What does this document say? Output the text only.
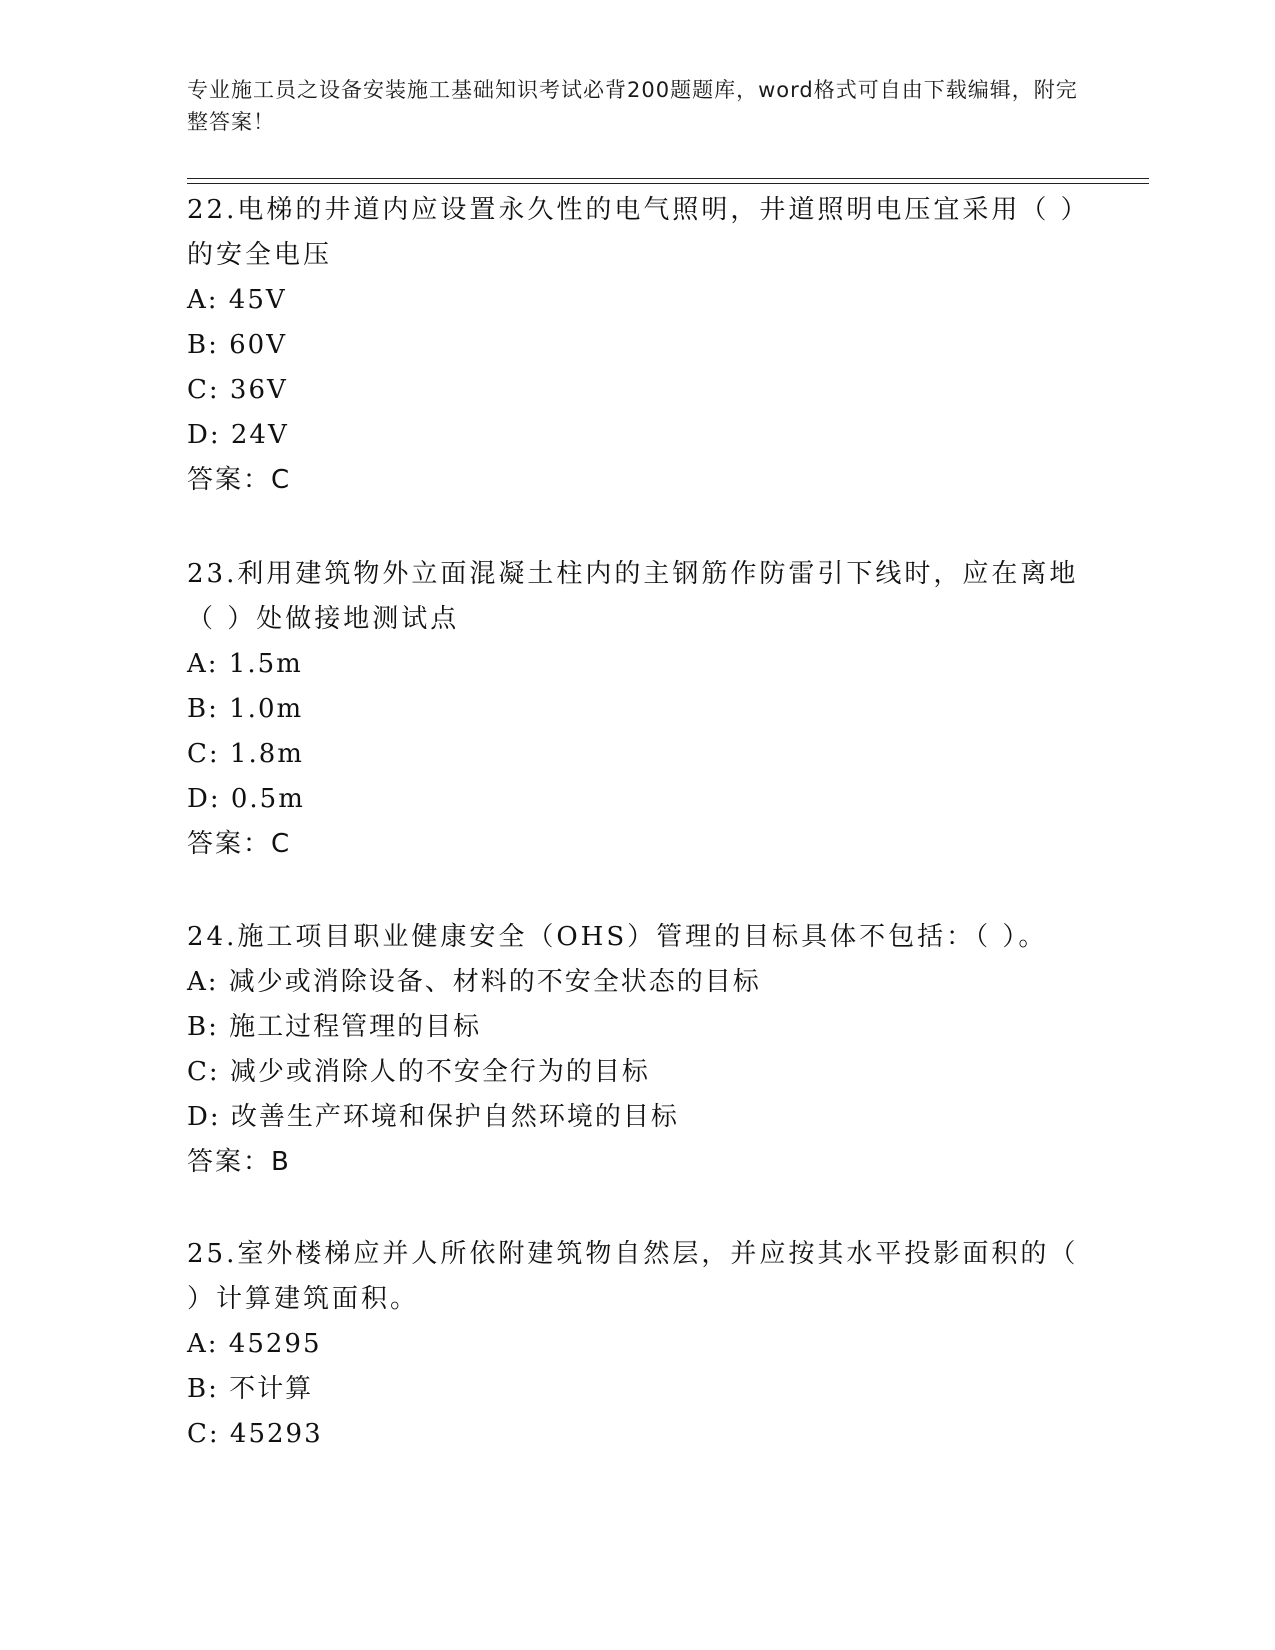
专业施工员之设备安装施工基础知识考试必背200题题库，word格式可自由下载编辑，附完整答案！
22.电梯的井道内应设置永久性的电气照明，井道照明电压宜采用（ ）的安全电压
A: 45V
B: 60V
C: 36V
D: 24V
答案：C
23.利用建筑物外立面混凝土柱内的主钢筋作防雷引下线时，应在离地（ ）处做接地测试点
A: 1.5m
B: 1.0m
C: 1.8m
D: 0.5m
答案：C
24.施工项目职业健康安全（OHS）管理的目标具体不包括：（ ）。
A: 减少或消除设备、材料的不安全状态的目标
B: 施工过程管理的目标
C: 减少或消除人的不安全行为的目标
D: 改善生产环境和保护自然环境的目标
答案：B
25.室外楼梯应并人所依附建筑物自然层，并应按其水平投影面积的（ ）计算建筑面积。
A: 45295
B: 不计算
C: 45293
